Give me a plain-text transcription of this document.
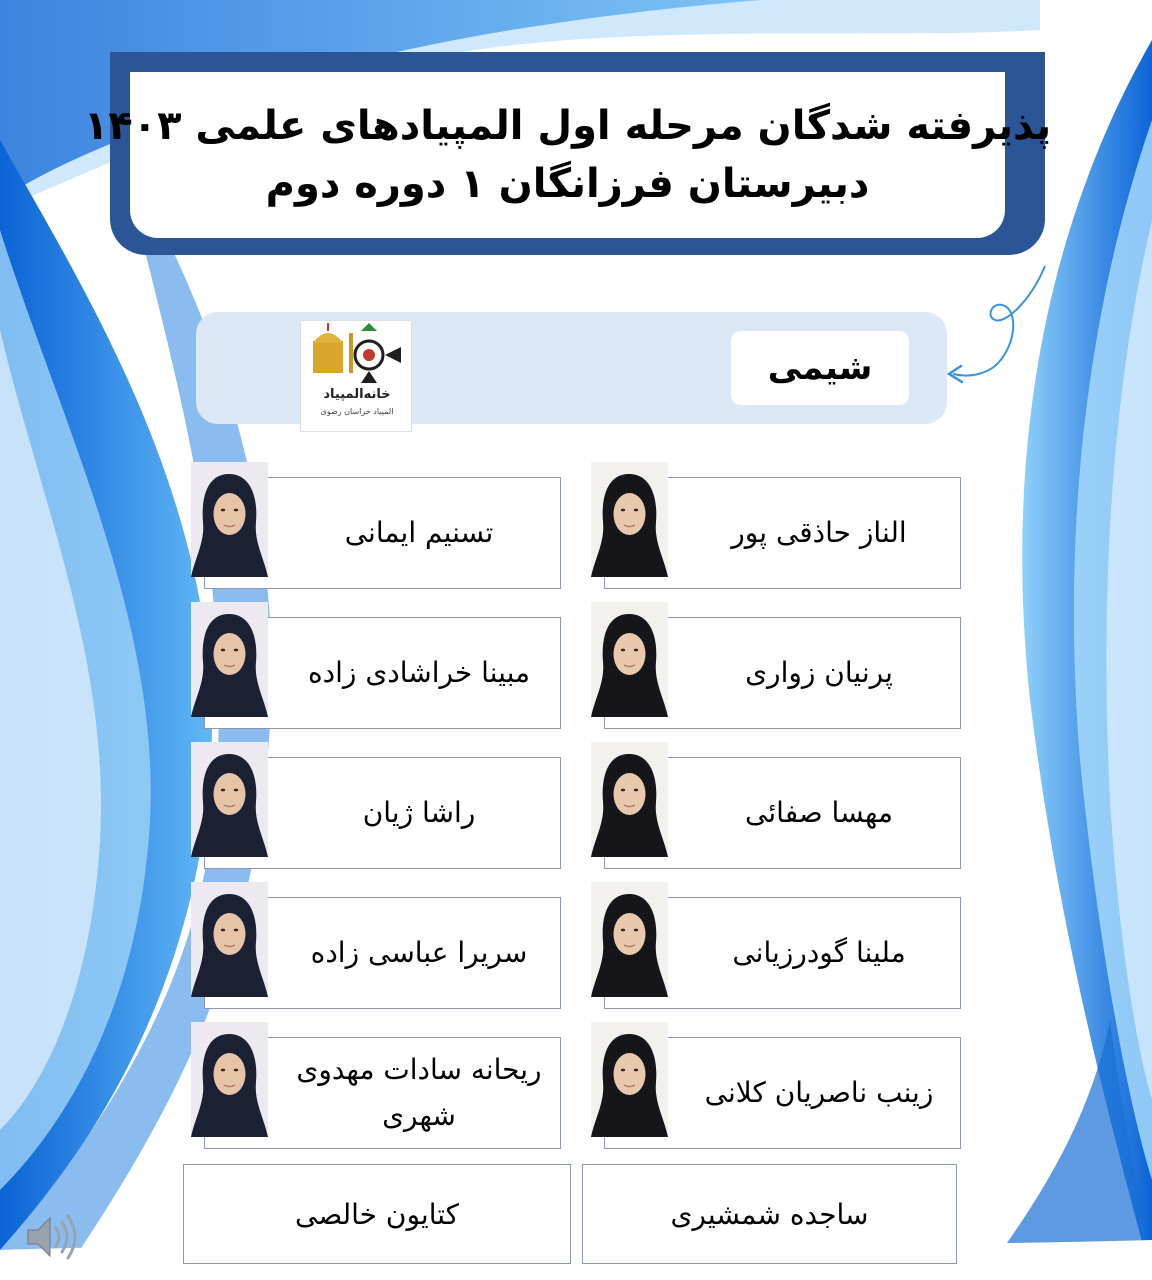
پذیرفته شدگان مرحله اول المپیادهای علمی ۱۴۰۳
دبیرستان فرزانگان ۱ دوره دوم
خانه‌المپیاد
المپیاد خراسان رضوی
شیمی
الناز حاذقی پور
تسنیم ایمانی
پرنیان زواری
مبینا خراشادی زاده
مهسا صفائی
راشا ژیان
ملینا گودرزیانی
سریرا عباسی زاده
زینب ناصریان کلانی
ریحانه سادات مهدوی شهری
ساجده شمشیری
کتایون خالصی
